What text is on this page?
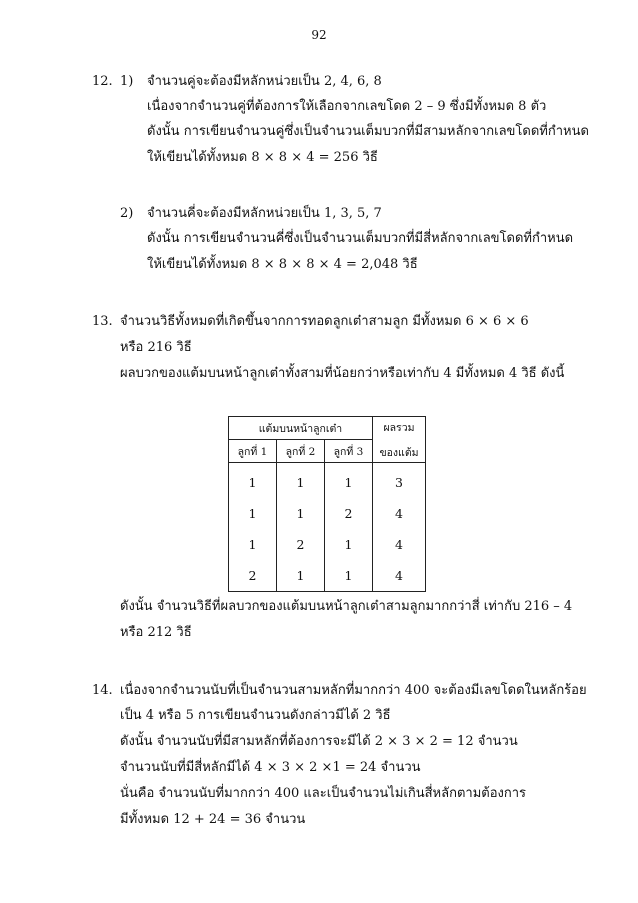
92
12. 1) จำนวนคู่จะต้องมีหลักหน่วยเป็น 2, 4, 6, 8
เนื่องจากจำนวนคู่ที่ต้องการให้เลือกจากเลขโดด 2 – 9 ซึ่งมีทั้งหมด 8 ตัว
ดังนั้น การเขียนจำนวนคู่ซึ่งเป็นจำนวนเต็มบวกที่มีสามหลักจากเลขโดดที่กำหนด
ให้เขียนได้ทั้งหมด 8 × 8 × 4 = 256 วิธี
2) จำนวนคี่จะต้องมีหลักหน่วยเป็น 1, 3, 5, 7
ดังนั้น การเขียนจำนวนคี่ซึ่งเป็นจำนวนเต็มบวกที่มีสี่หลักจากเลขโดดที่กำหนด
ให้เขียนได้ทั้งหมด 8 × 8 × 8 × 4 = 2,048 วิธี
13. จำนวนวิธีทั้งหมดที่เกิดขึ้นจากการทอดลูกเต๋าสามลูก มีทั้งหมด 6 × 6 × 6
หรือ 216 วิธี
ผลบวกของแต้มบนหน้าลูกเต๋าทั้งสามที่น้อยกว่าหรือเท่ากับ 4 มีทั้งหมด 4 วิธี ดังนี้
แต้มบนหน้าลูกเต๋า			ผลรวม
ของแต้ม

ลูกที่ 1	ลูกที่ 2	ลูกที่ 3	
1	1	1	3
1	1	2	4
1	2	1	4
2	1	1	4
ดังนั้น จำนวนวิธีที่ผลบวกของแต้มบนหน้าลูกเต๋าสามลูกมากกว่าสี่ เท่ากับ 216 – 4
หรือ 212 วิธี
14. เนื่องจากจำนวนนับที่เป็นจำนวนสามหลักที่มากกว่า 400 จะต้องมีเลขโดดในหลักร้อย
เป็น 4 หรือ 5 การเขียนจำนวนดังกล่าวมีได้ 2 วิธี
ดังนั้น จำนวนนับที่มีสามหลักที่ต้องการจะมีได้ 2 × 3 × 2 = 12 จำนวน
จำนวนนับที่มีสี่หลักมีได้ 4 × 3 × 2 ×1 = 24 จำนวน
นั่นคือ จำนวนนับที่มากกว่า 400 และเป็นจำนวนไม่เกินสี่หลักตามต้องการ
มีทั้งหมด 12 + 24 = 36 จำนวน
